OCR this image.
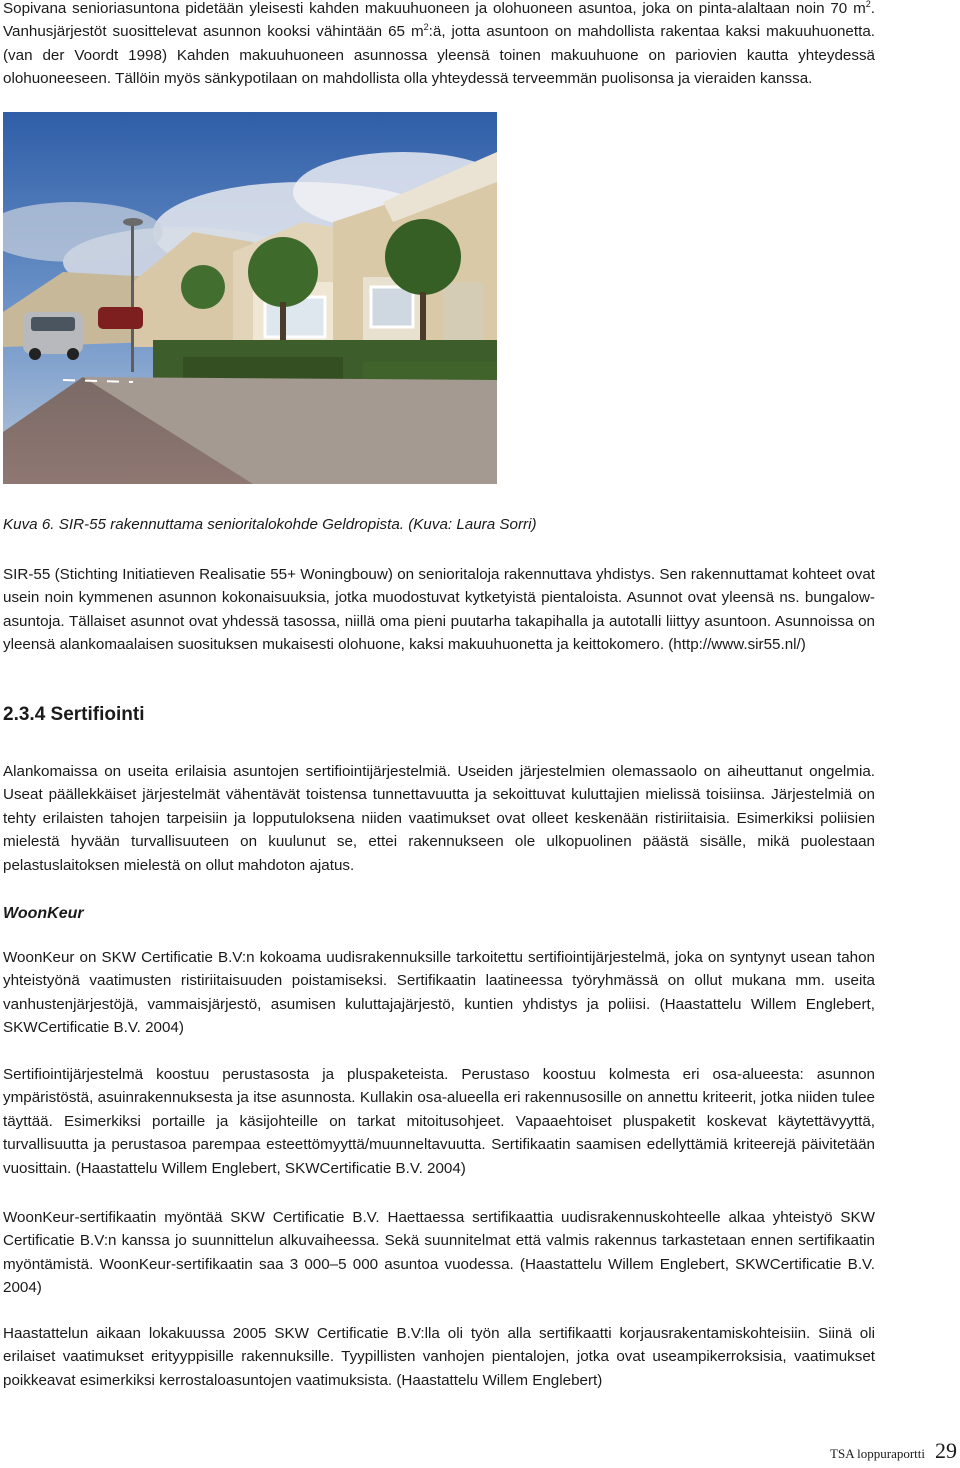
Sopivana senioriasuntona pidetään yleisesti kahden makuuhuoneen ja olohuoneen asuntoa, joka on pinta-alaltaan noin 70 $m^2$. Vanhusjärjestöt suosittelevat asunnon kooksi vähintään 65 $m^2:ä$, jotta asuntoon on mahdollista rakentaa kaksi makuuhuonetta. (van der Voordt 1998) Kahden makuuhuoneen asunnossa yleensä toinen makuuhuone on pariovien kautta yhteydessä olohuoneeseen. Tällöin myös sänkypotilaan on mahdollista olla yhteydessä terveemmän puolisonsa ja vieraiden kanssa.

Kuva 6. SIR-55 rakennuttama senioritalokohde Geldropista. (Kuva: Laura Sorri)

SIR-55 (Stichting Initiatieven Realisatie 55+ Woningbouw) on senioritaloja rakennuttava yhdistys. Sen rakennuttamat kohteet ovat usein noin kymmenen asunnon kokonaisuuksia, jotka muodostuvat kytketyistä pientaloista. Asunnot ovat yleensä ns. bungalow-asuntoja. Tällaiset asunnot ovat yhdessä tasossa, niillä oma pieni puutarha takapihalla ja autotalli liittyy asuntoon. Asunnoissa on yleensä alankomaalaisen suosituksen mukaisesti olohuone, kaksi makuuhuonetta ja keittokomero. (http://www.sir55.nl/)

2.3.4 Sertifiointi

Alankomaissa on useita erilaisia asuntojen sertifiointijärjestelmiä. Useiden järjestelmien olemassaolo on aiheuttanut ongelmia. Useat päällekkäiset järjestelmät vähentävät toistensa tunnettavuutta ja sekoittuvat kuluttajien mielissä toisiinsa. Järjestelmiä on tehty erilaisten tahojen tarpeisiin ja lopputuloksena niiden vaatimukset ovat olleet keskenään ristiriitaisia. Esimerkiksi poliisien mielestä hyvään turvallisuuteen on kuulunut se, ettei rakennukseen ole ulkopuolinen päästä sisälle, mikä puolestaan pelastuslaitoksen mielestä on ollut mahdoton ajatus.

WoonKeur

WoonKeur on SKW Certificatie B.V:n kokoama uudisrakennuksille tarkoitettu sertifiointijärjestelmä, joka on syntynyt usean tahon yhteistyönä vaatimusten ristiriitaisuuden poistamiseksi. Sertifikaatin laatineessa työryhmässä on ollut mukana mm. useita vanhustenjärjestöjä, vammaisjärjestö, asumisen kuluttajajärjestö, kuntien yhdistys ja poliisi. (Haastattelu Willem Englebert, SKWCertificatie B.V. 2004)

Sertifiointijärjestelmä koostuu perustasosta ja pluspaketeista. Perustaso koostuu kolmesta eri osa-alueesta: asunnon ympäristöstä, asuinrakennuksesta ja itse asunnosta. Kullakin osa-alueella eri rakennusosille on annettu kriteerit, jotka niiden tulee täyttää. Esimerkiksi portaille ja käsijohteille on tarkat mitoitusohjeet. Vapaaehtoiset pluspaketit koskevat käytettävyyttä, turvallisuutta ja perustasoa parempaa esteettömyyttä/muunneltavuutta. Sertifikaatin saamisen edellyttämiä kriteerejä päivitetään vuosittain. (Haastattelu Willem Englebert, SKWCertificatie B.V. 2004)

WoonKeur-sertifikaatin myöntää SKW Certificatie B.V. Haettaessa sertifikaattia uudisrakennuskohteelle alkaa yhteistyö SKW Certificatie B.V:n kanssa jo suunnittelun alkuvaiheessa. Sekä suunnitelmat että valmis rakennus tarkastetaan ennen sertifikaatin myöntämistä. WoonKeur-sertifikaatin saa 3 000–5 000 asuntoa vuodessa. (Haastattelu Willem Englebert, SKWCertificatie B.V. 2004)

Haastattelun aikaan lokakuussa 2005 SKW Certificatie B.V:lla oli työn alla sertifikaatti korjausrakentamiskohteisiin. Siinä oli erilaiset vaatimukset erityyppisille rakennuksille. Tyypillisten vanhojen pientalojen, jotka ovat useampikerroksisia, vaatimukset poikkeavat esimerkiksi kerrostaloasuntojen vaatimuksista. (Haastattelu Willem Englebert)

TSA loppuraportti 29
